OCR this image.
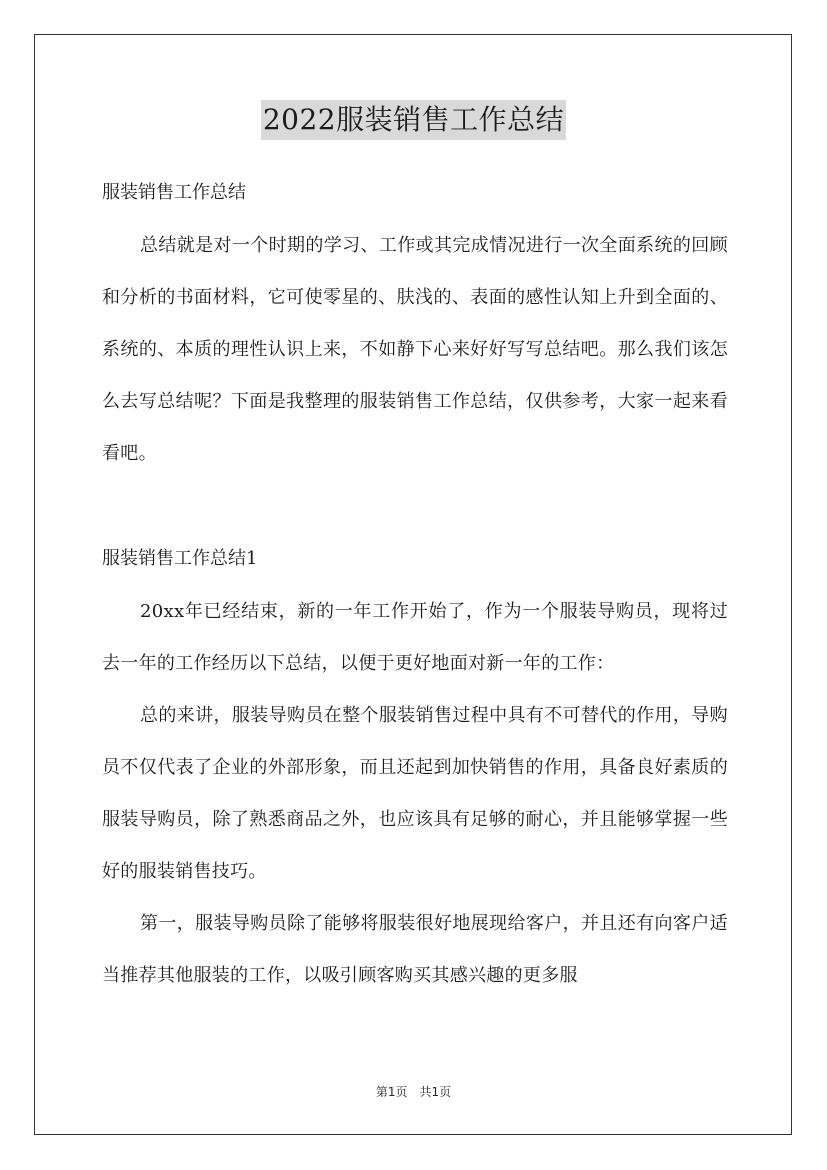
2022服装销售工作总结

服装销售工作总结

总结就是对一个时期的学习、工作或其完成情况进行一次全面系统的回顾和分析的书面材料，它可使零星的、肤浅的、表面的感性认知上升到全面的、系统的、本质的理性认识上来，不如静下心来好好写写总结吧。那么我们该怎么去写总结呢？下面是我整理的服装销售工作总结，仅供参考，大家一起来看看吧。

服装销售工作总结1

20xx年已经结束，新的一年工作开始了，作为一个服装导购员，现将过去一年的工作经历以下总结，以便于更好地面对新一年的工作：

总的来讲，服装导购员在整个服装销售过程中具有不可替代的作用，导购员不仅代表了企业的外部形象，而且还起到加快销售的作用，具备良好素质的服装导购员，除了熟悉商品之外，也应该具有足够的耐心，并且能够掌握一些好的服装销售技巧。

第一，服装导购员除了能够将服装很好地展现给客户，并且还有向客户适当推荐其他服装的工作，以吸引顾客购买其感兴趣的更多服

第1页　共1页
